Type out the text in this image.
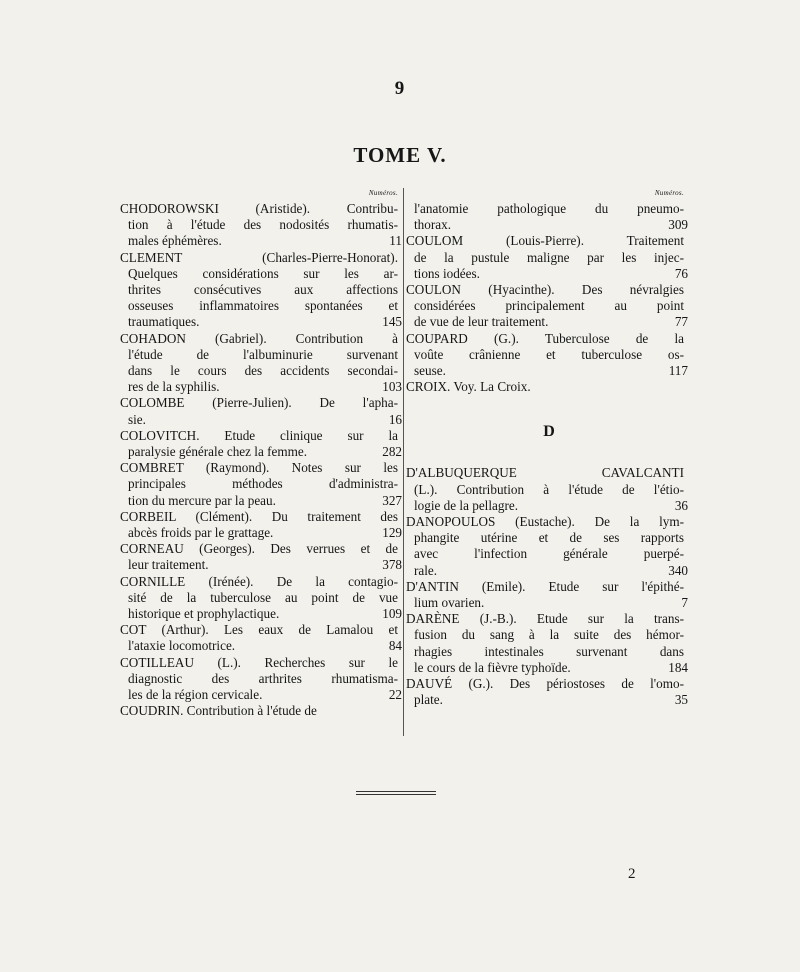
9
TOME V.
Numéros.
CHODOROWSKI (Aristide). Contribu-
tion à l'étude des nodosités rhumatis-
males éphémères.	11
CLEMENT (Charles-Pierre-Honorat).
Quelques considérations sur les ar-
thrites consécutives aux affections
osseuses inflammatoires spontanées et
traumatiques.	145
COHADON (Gabriel). Contribution à
l'étude de l'albuminurie survenant
dans le cours des accidents secondai-
res de la syphilis.	103
COLOMBE (Pierre-Julien). De l'apha-
sie.	16
COLOVITCH. Etude clinique sur la
paralysie générale chez la femme.	282
COMBRET (Raymond). Notes sur les
principales méthodes d'administra-
tion du mercure par la peau.	327
CORBEIL (Clément). Du traitement des
abcès froids par le grattage.	129
CORNEAU (Georges). Des verrues et de
leur traitement.	378
CORNILLE (Irénée). De la contagio-
sité de la tuberculose au point de vue
historique et prophylactique.	109
COT (Arthur). Les eaux de Lamalou et
l'ataxie locomotrice.	84
COTILLEAU (L.). Recherches sur le
diagnostic des arthrites rhumatisma-
les de la région cervicale.	22
COUDRIN. Contribution à l'étude de
Numéros.
l'anatomie pathologique du pneumo-
thorax.	309
COULOM (Louis-Pierre). Traitement
de la pustule maligne par les injec-
tions iodées.	76
COULON (Hyacinthe). Des névralgies
considérées principalement au point
de vue de leur traitement.	77
COUPARD (G.). Tuberculose de la
voûte crânienne et tuberculose os-
seuse.	117
CROIX. Voy. La Croix.
D
D'ALBUQUERQUE CAVALCANTI
(L.). Contribution à l'étude de l'étio-
logie de la pellagre.	36
DANOPOULOS (Eustache). De la lym-
phangite utérine et de ses rapports
avec l'infection générale puerpé-
rale.	340
D'ANTIN (Emile). Etude sur l'épithé-
lium ovarien.	7
DARÈNE (J.-B.). Etude sur la trans-
fusion du sang à la suite des hémor-
rhagies intestinales survenant dans
le cours de la fièvre typhoïde.	184
DAUVÉ (G.). Des périostoses de l'omo-
plate.	35
2
